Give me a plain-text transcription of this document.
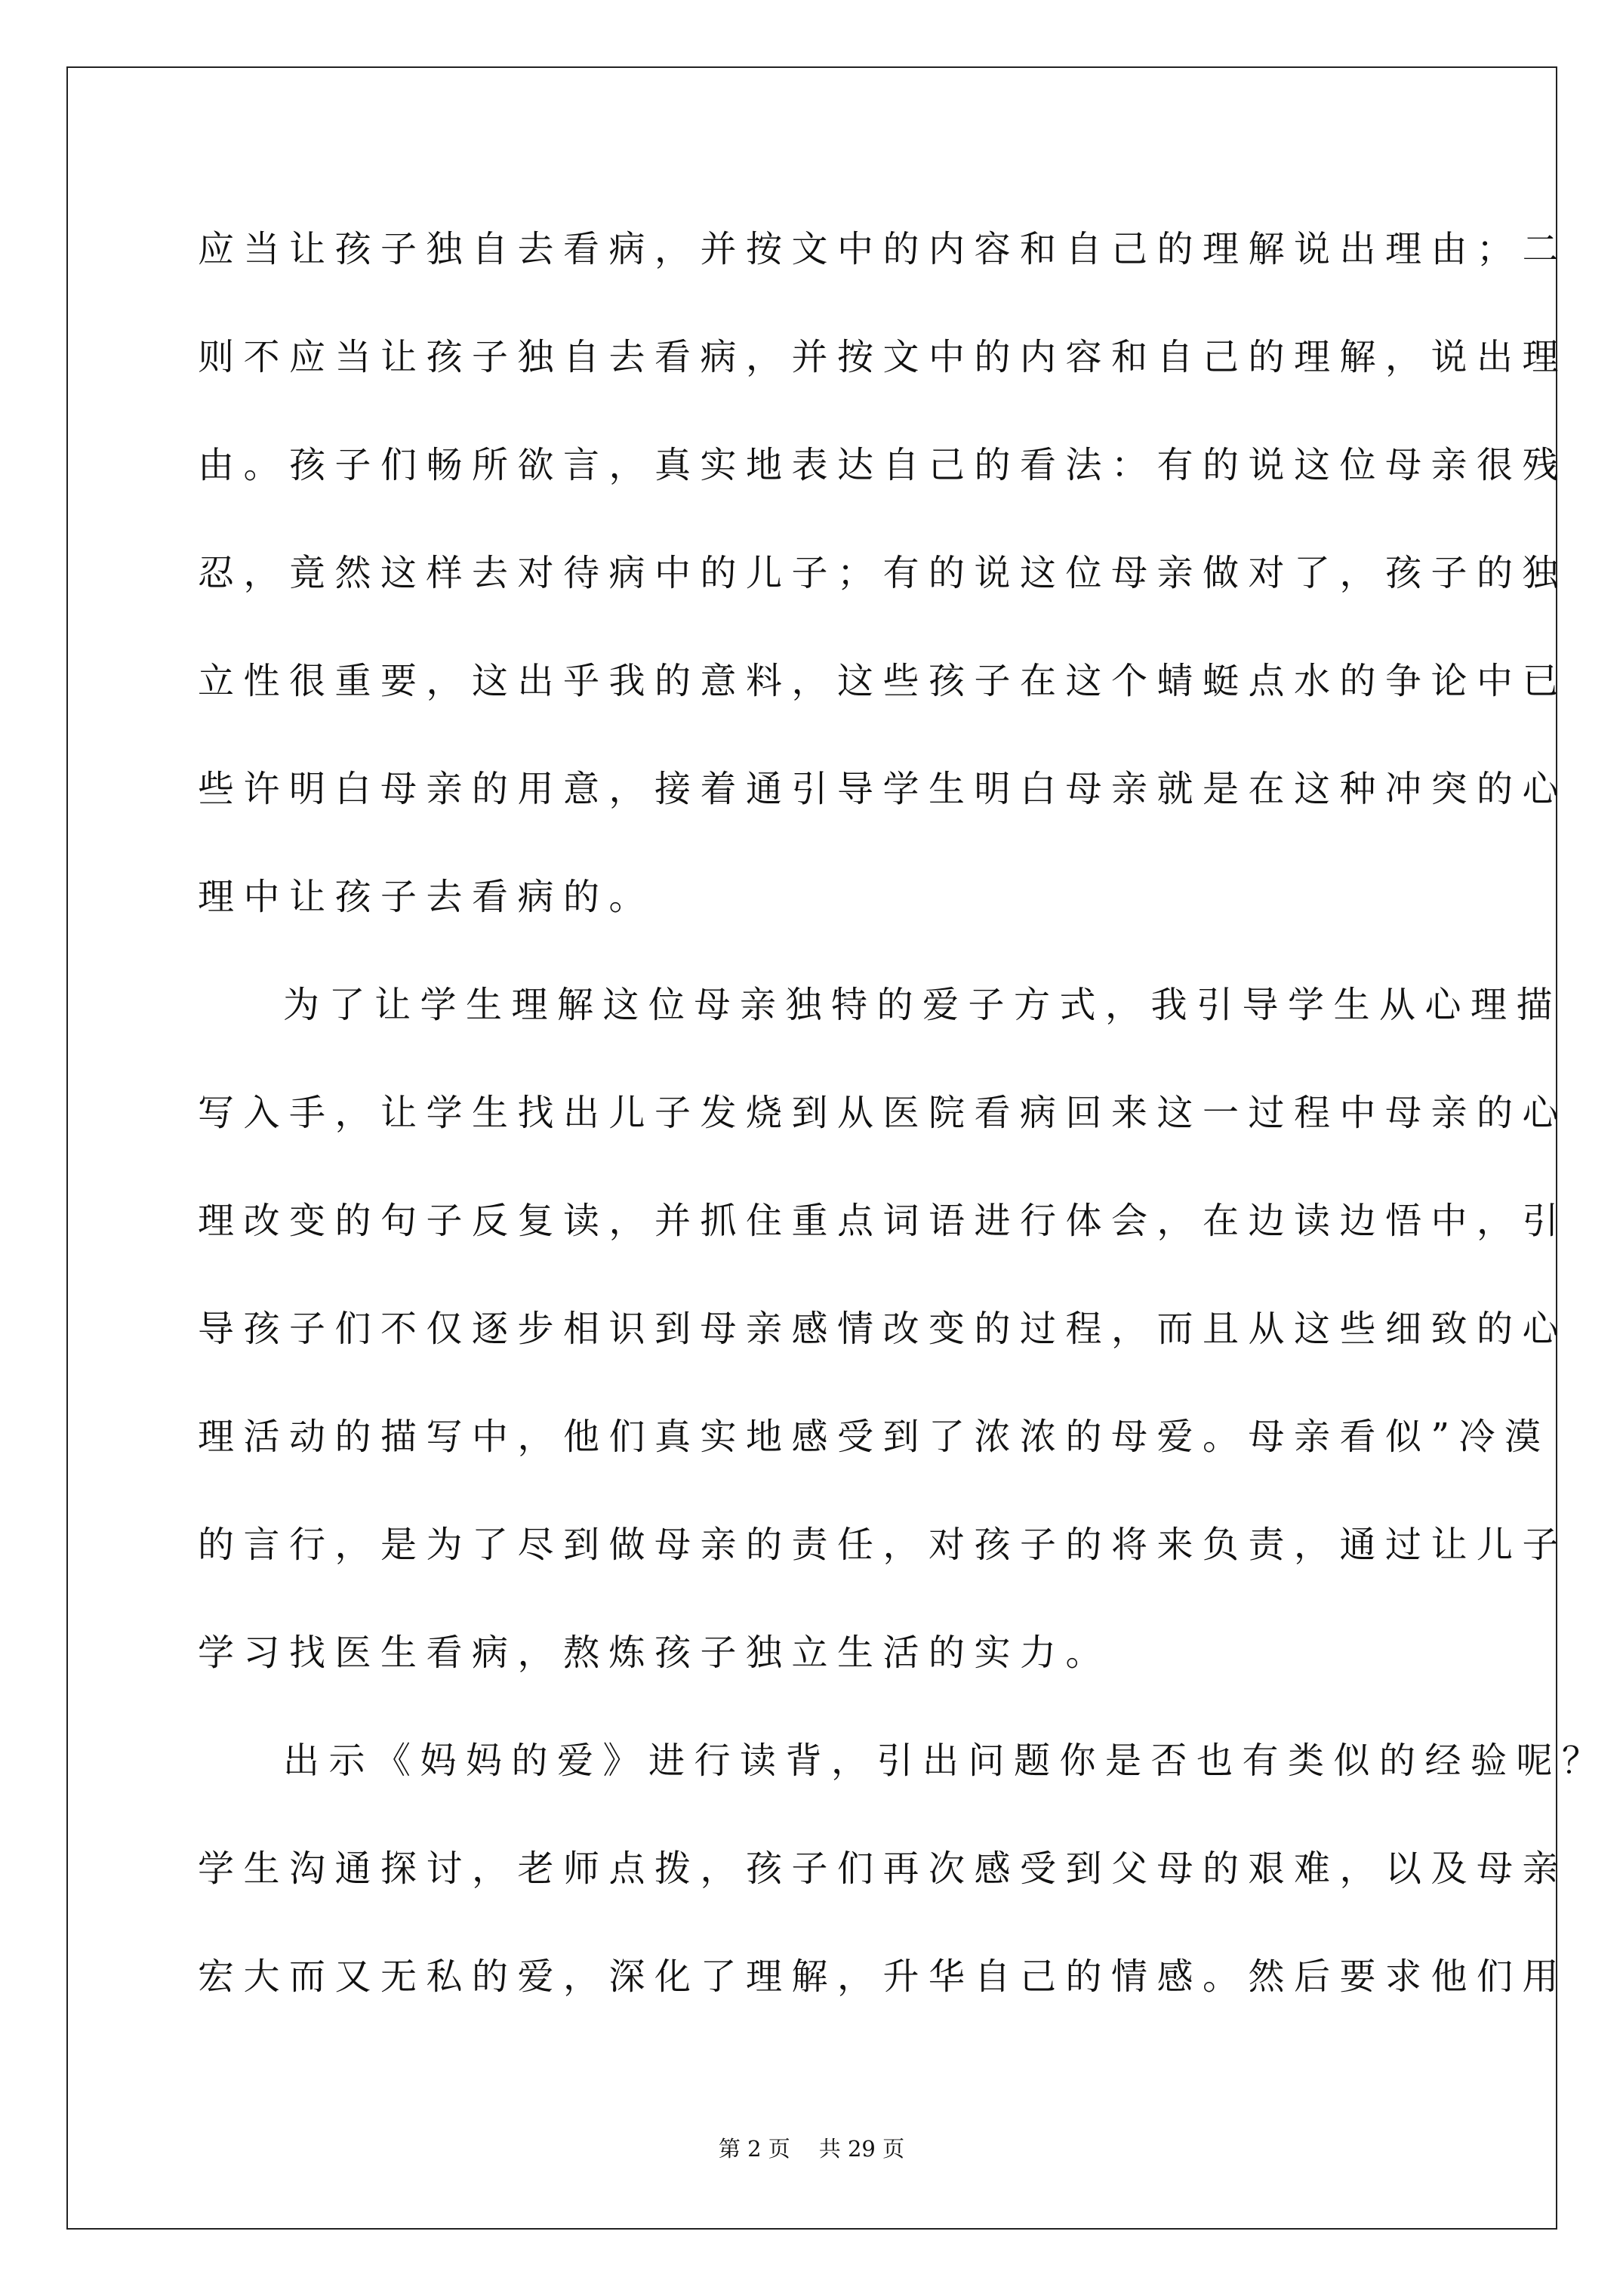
应当让孩子独自去看病，并按文中的内容和自己的理解说出理由；二
则不应当让孩子独自去看病，并按文中的内容和自己的理解，说出理
由。孩子们畅所欲言，真实地表达自己的看法：有的说这位母亲很残
忍，竟然这样去对待病中的儿子；有的说这位母亲做对了，孩子的独
立性很重要，这出乎我的意料，这些孩子在这个蜻蜓点水的争论中已
些许明白母亲的用意，接着通引导学生明白母亲就是在这种冲突的心
理中让孩子去看病的。
为了让学生理解这位母亲独特的爱子方式，我引导学生从心理描
写入手，让学生找出儿子发烧到从医院看病回来这一过程中母亲的心
理改变的句子反复读，并抓住重点词语进行体会，在边读边悟中，引
导孩子们不仅逐步相识到母亲感情改变的过程，而且从这些细致的心
理活动的描写中，他们真实地感受到了浓浓的母爱。母亲看似”冷漠
的言行，是为了尽到做母亲的责任，对孩子的将来负责，通过让儿子
学习找医生看病，熬炼孩子独立生活的实力。
出示《妈妈的爱》进行读背，引出问题你是否也有类似的经验呢？
学生沟通探讨，老师点拨，孩子们再次感受到父母的艰难，以及母亲
宏大而又无私的爱，深化了理解，升华自己的情感。然后要求他们用
第 2 页 共 29 页
